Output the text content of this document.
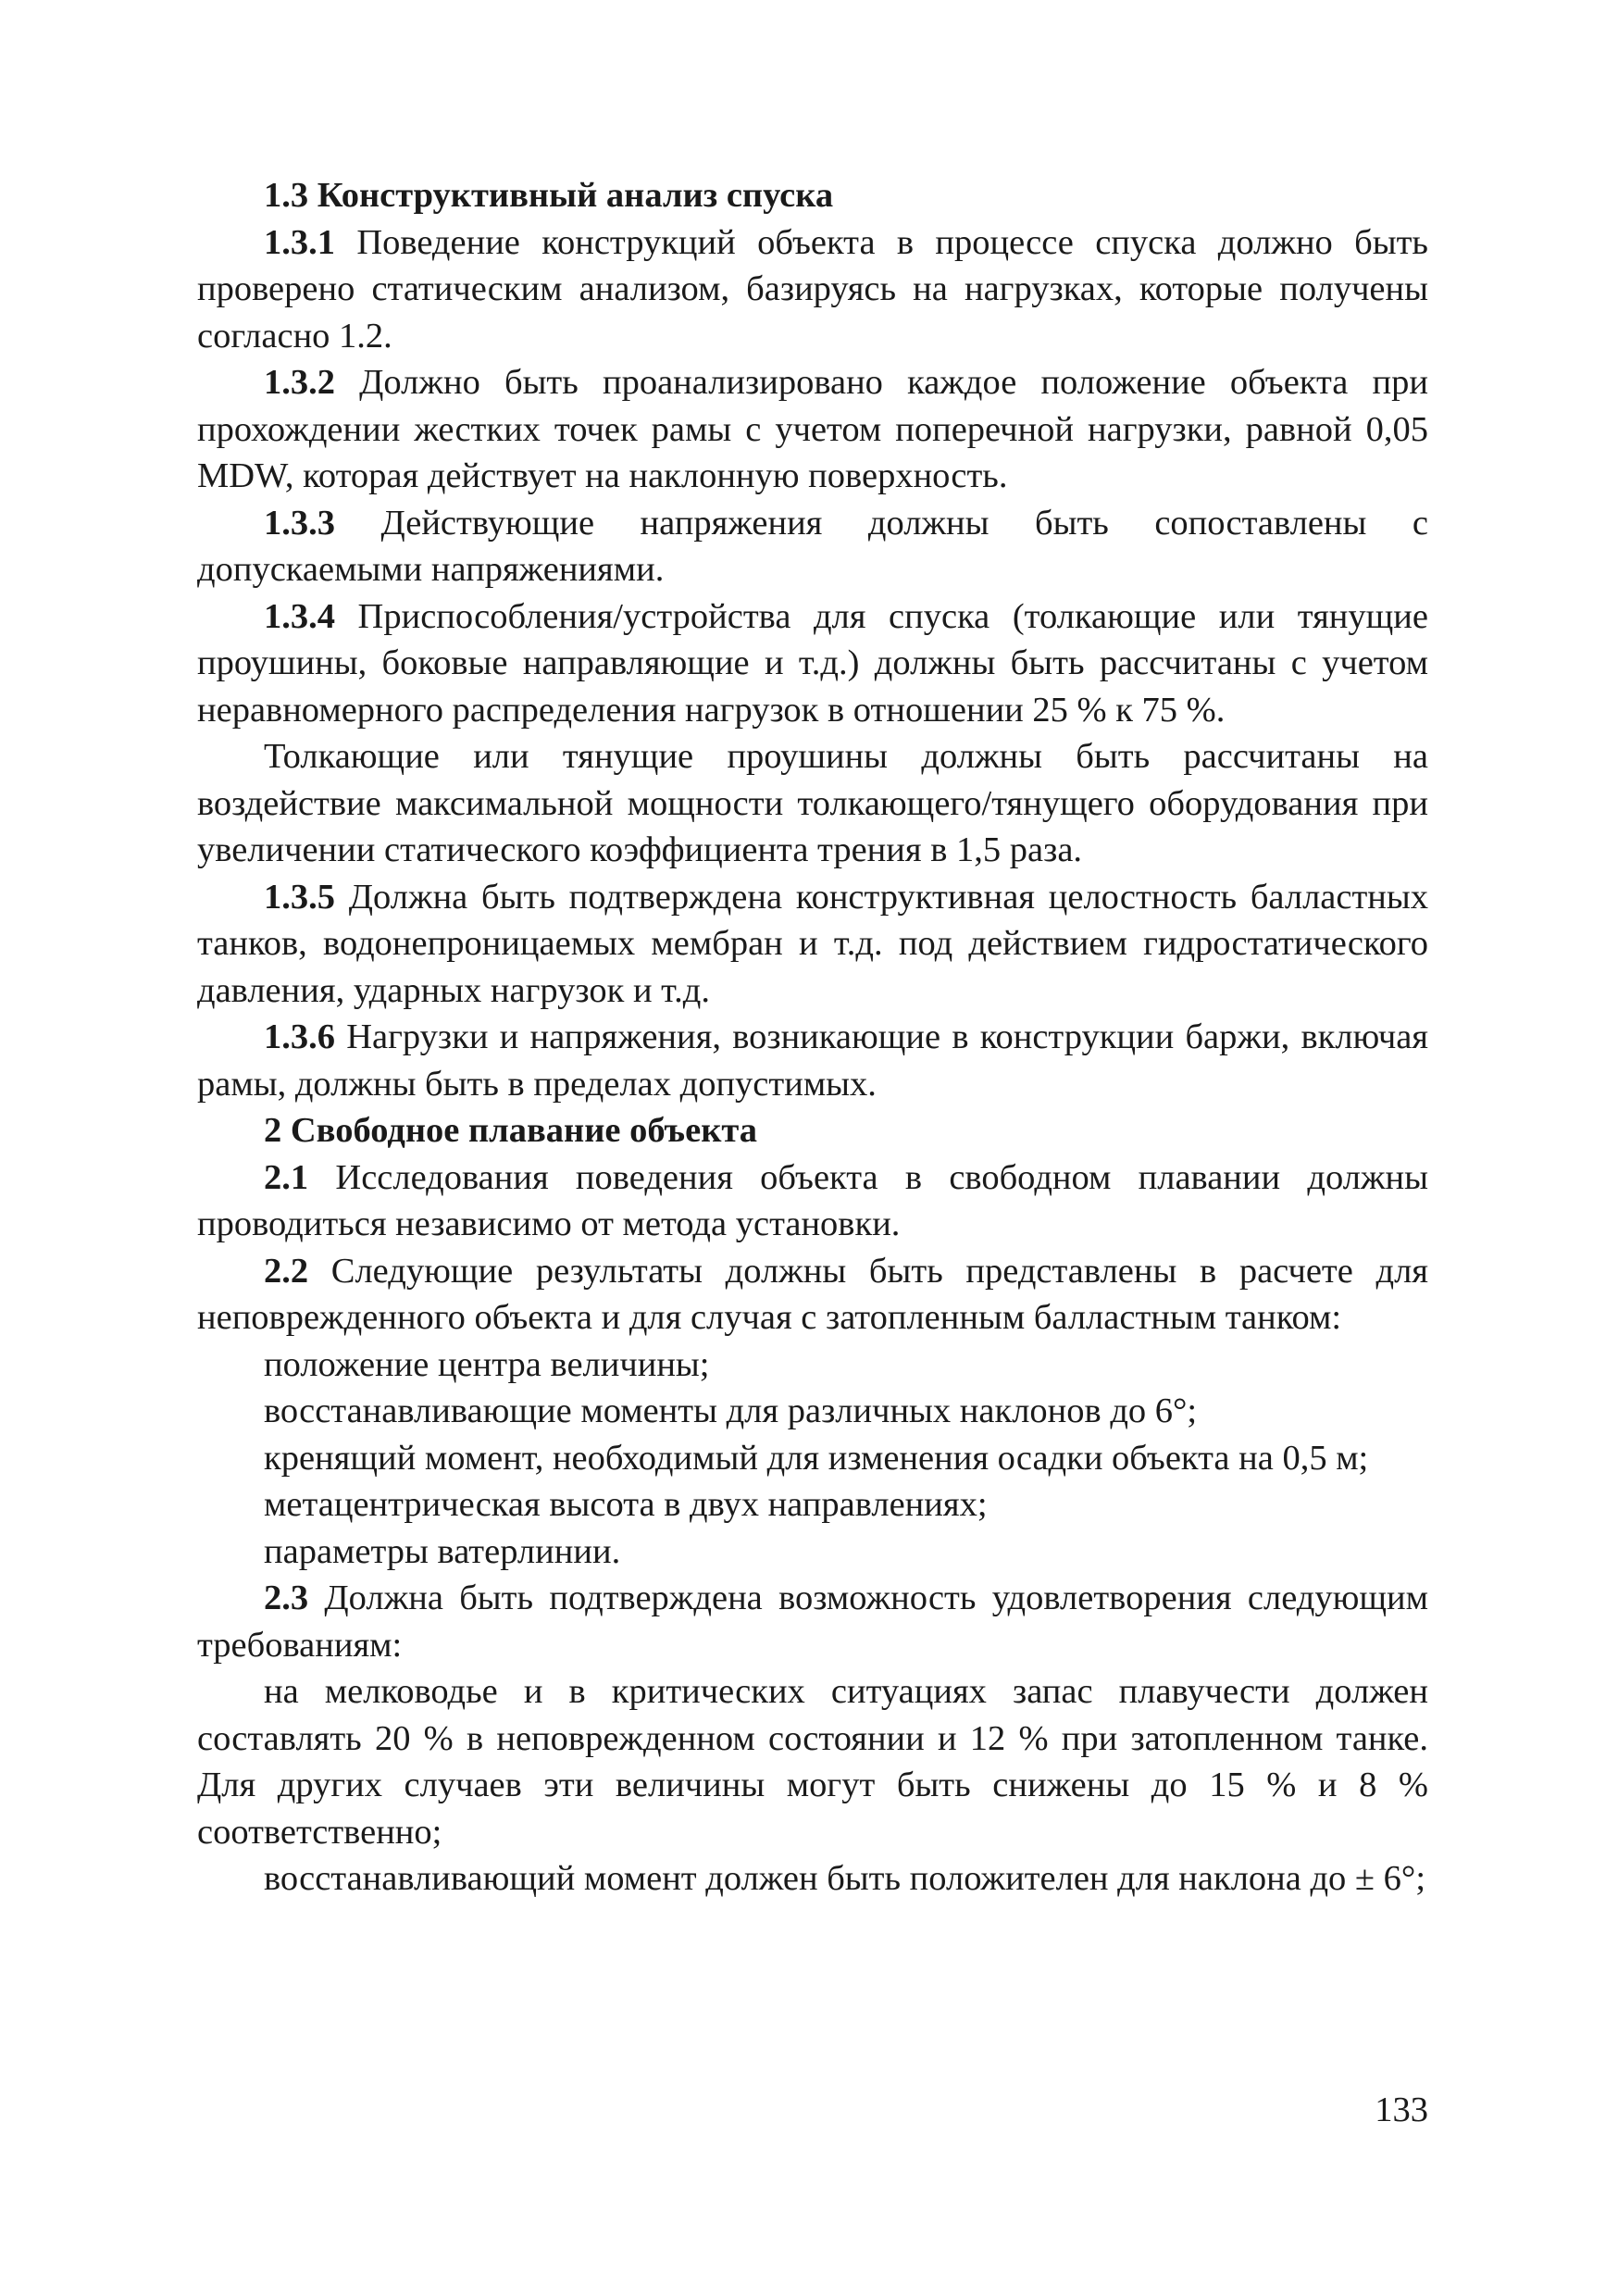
1.3 Конструктивный анализ спуска

1.3.1 Поведение конструкций объекта в процессе спуска должно быть проверено статическим анализом, базируясь на нагрузках, которые получены согласно 1.2.

1.3.2 Должно быть проанализировано каждое положение объекта при прохождении жестких точек рамы с учетом поперечной нагрузки, равной 0,05 MDW, которая действует на наклонную поверхность.

1.3.3 Действующие напряжения должны быть сопоставлены с допускаемыми напряжениями.

1.3.4 Приспособления/устройства для спуска (толкающие или тянущие проушины, боковые направляющие и т.д.) должны быть рассчитаны с учетом неравномерного распределения нагрузок в отношении 25 % к 75 %.

Толкающие или тянущие проушины должны быть рассчитаны на воздействие максимальной мощности толкающего/тянущего оборудования при увеличении статического коэффициента трения в 1,5 раза.

1.3.5 Должна быть подтверждена конструктивная целостность балластных танков, водонепроницаемых мембран и т.д. под действием гидростатического давления, ударных нагрузок и т.д.

1.3.6 Нагрузки и напряжения, возникающие в конструкции баржи, включая рамы, должны быть в пределах допустимых.

2 Свободное плавание объекта

2.1 Исследования поведения объекта в свободном плавании должны проводиться независимо от метода установки.

2.2 Следующие результаты должны быть представлены в расчете для неповрежденного объекта и для случая с затопленным балластным танком:

положение центра величины;

восстанавливающие моменты для различных наклонов до 6°;

кренящий момент, необходимый для изменения осадки объекта на 0,5 м;

метацентрическая высота в двух направлениях;

параметры ватерлинии.

2.3 Должна быть подтверждена возможность удовлетворения следующим требованиям:

на мелководье и в критических ситуациях запас плавучести должен составлять 20 % в неповрежденном состоянии и 12 % при затопленном танке. Для других случаев эти величины могут быть снижены до 15 % и 8 % соответственно;

восстанавливающий момент должен быть положителен для наклона до ± 6°;

133
